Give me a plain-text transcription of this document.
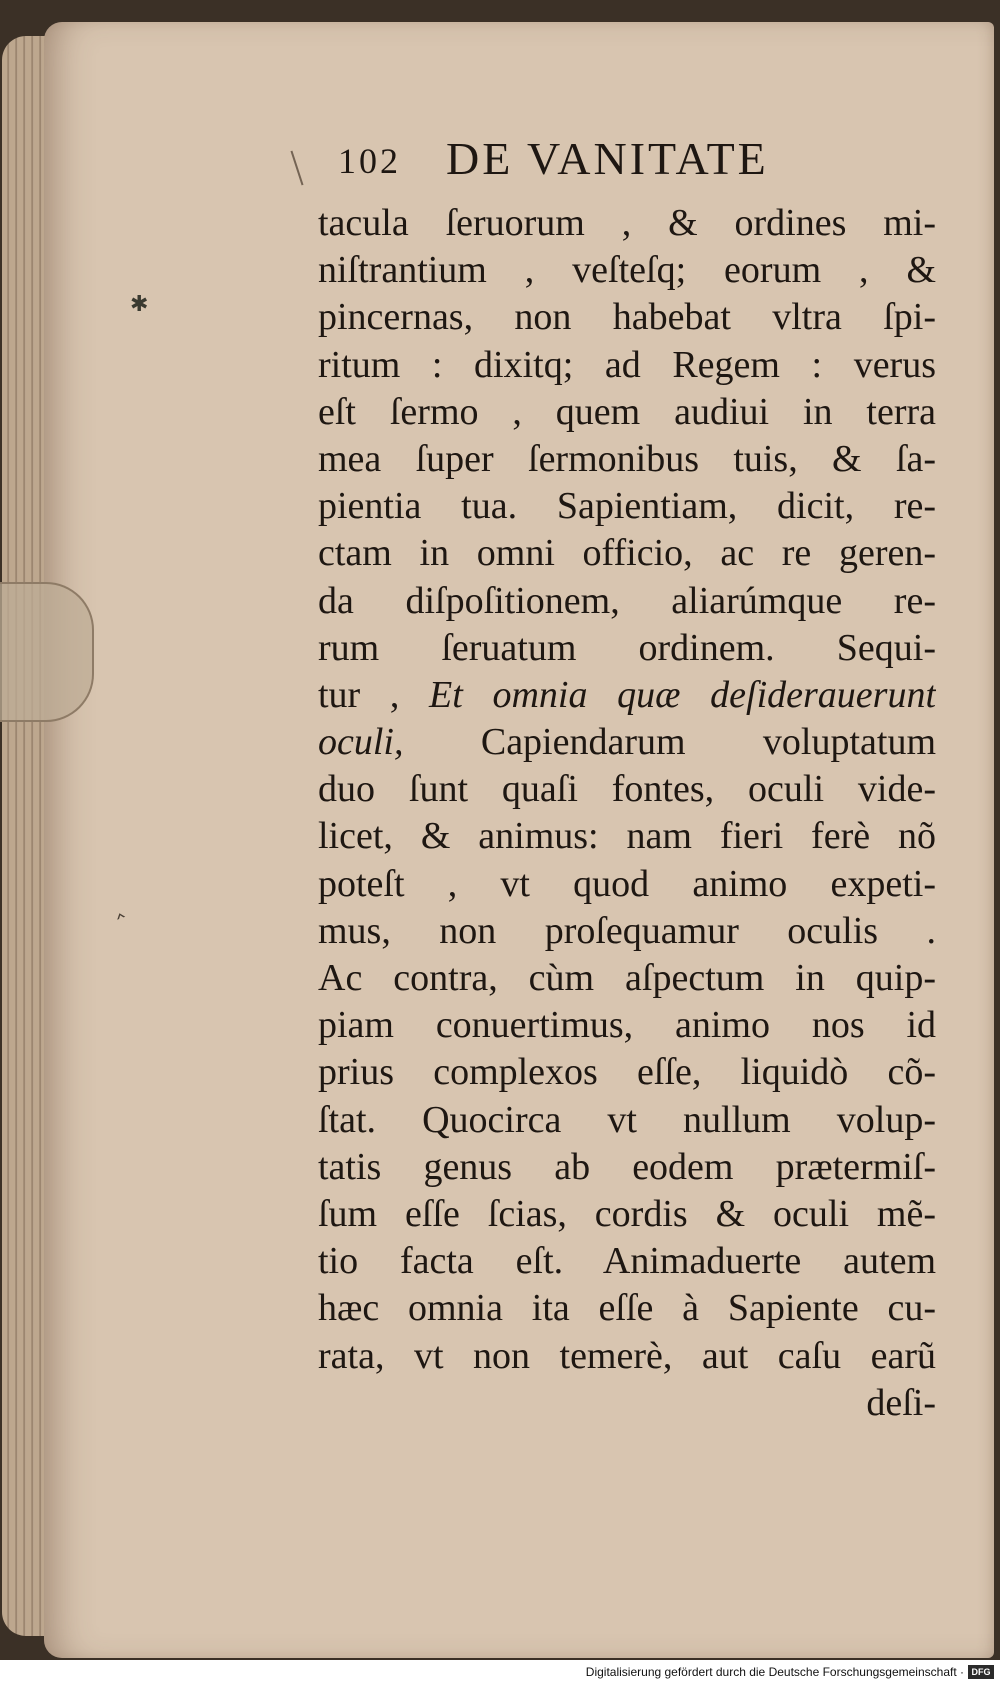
✱
‸
102 DE VANITATE
tacula ſeruorum , & ordines mi-
niſtrantium , veſteſq; eorum , &
pincernas, non habebat vltra ſpi-
ritum : dixitq; ad Regem : verus
eſt ſermo , quem audiui in terra
mea ſuper ſermonibus tuis, & ſa-
pientia tua. Sapientiam, dicit, re-
ctam in omni officio, ac re geren-
da diſpoſitionem, aliarúmque re-
rum ſeruatum ordinem. Sequi-
tur , Et omnia quæ deſiderauerunt
oculi, Capiendarum voluptatum
duo ſunt quaſi fontes, oculi vide-
licet, & animus: nam fieri ferè nõ
poteſt , vt quod animo expeti-
mus, non proſequamur oculis .
Ac contra, cùm aſpectum in quip-
piam conuertimus, animo nos id
prius complexos eſſe, liquidò cõ-
ſtat. Quocirca vt nullum volup-
tatis genus ab eodem prætermiſ-
ſum eſſe ſcias, cordis & oculi mẽ-
tio facta eſt. Animaduerte autem
hæc omnia ita eſſe à Sapiente cu-
rata, vt non temerè, aut caſu earũ
deſi-
Digitalisierung gefördert durch die Deutsche Forschungsgemeinschaft · DFG
